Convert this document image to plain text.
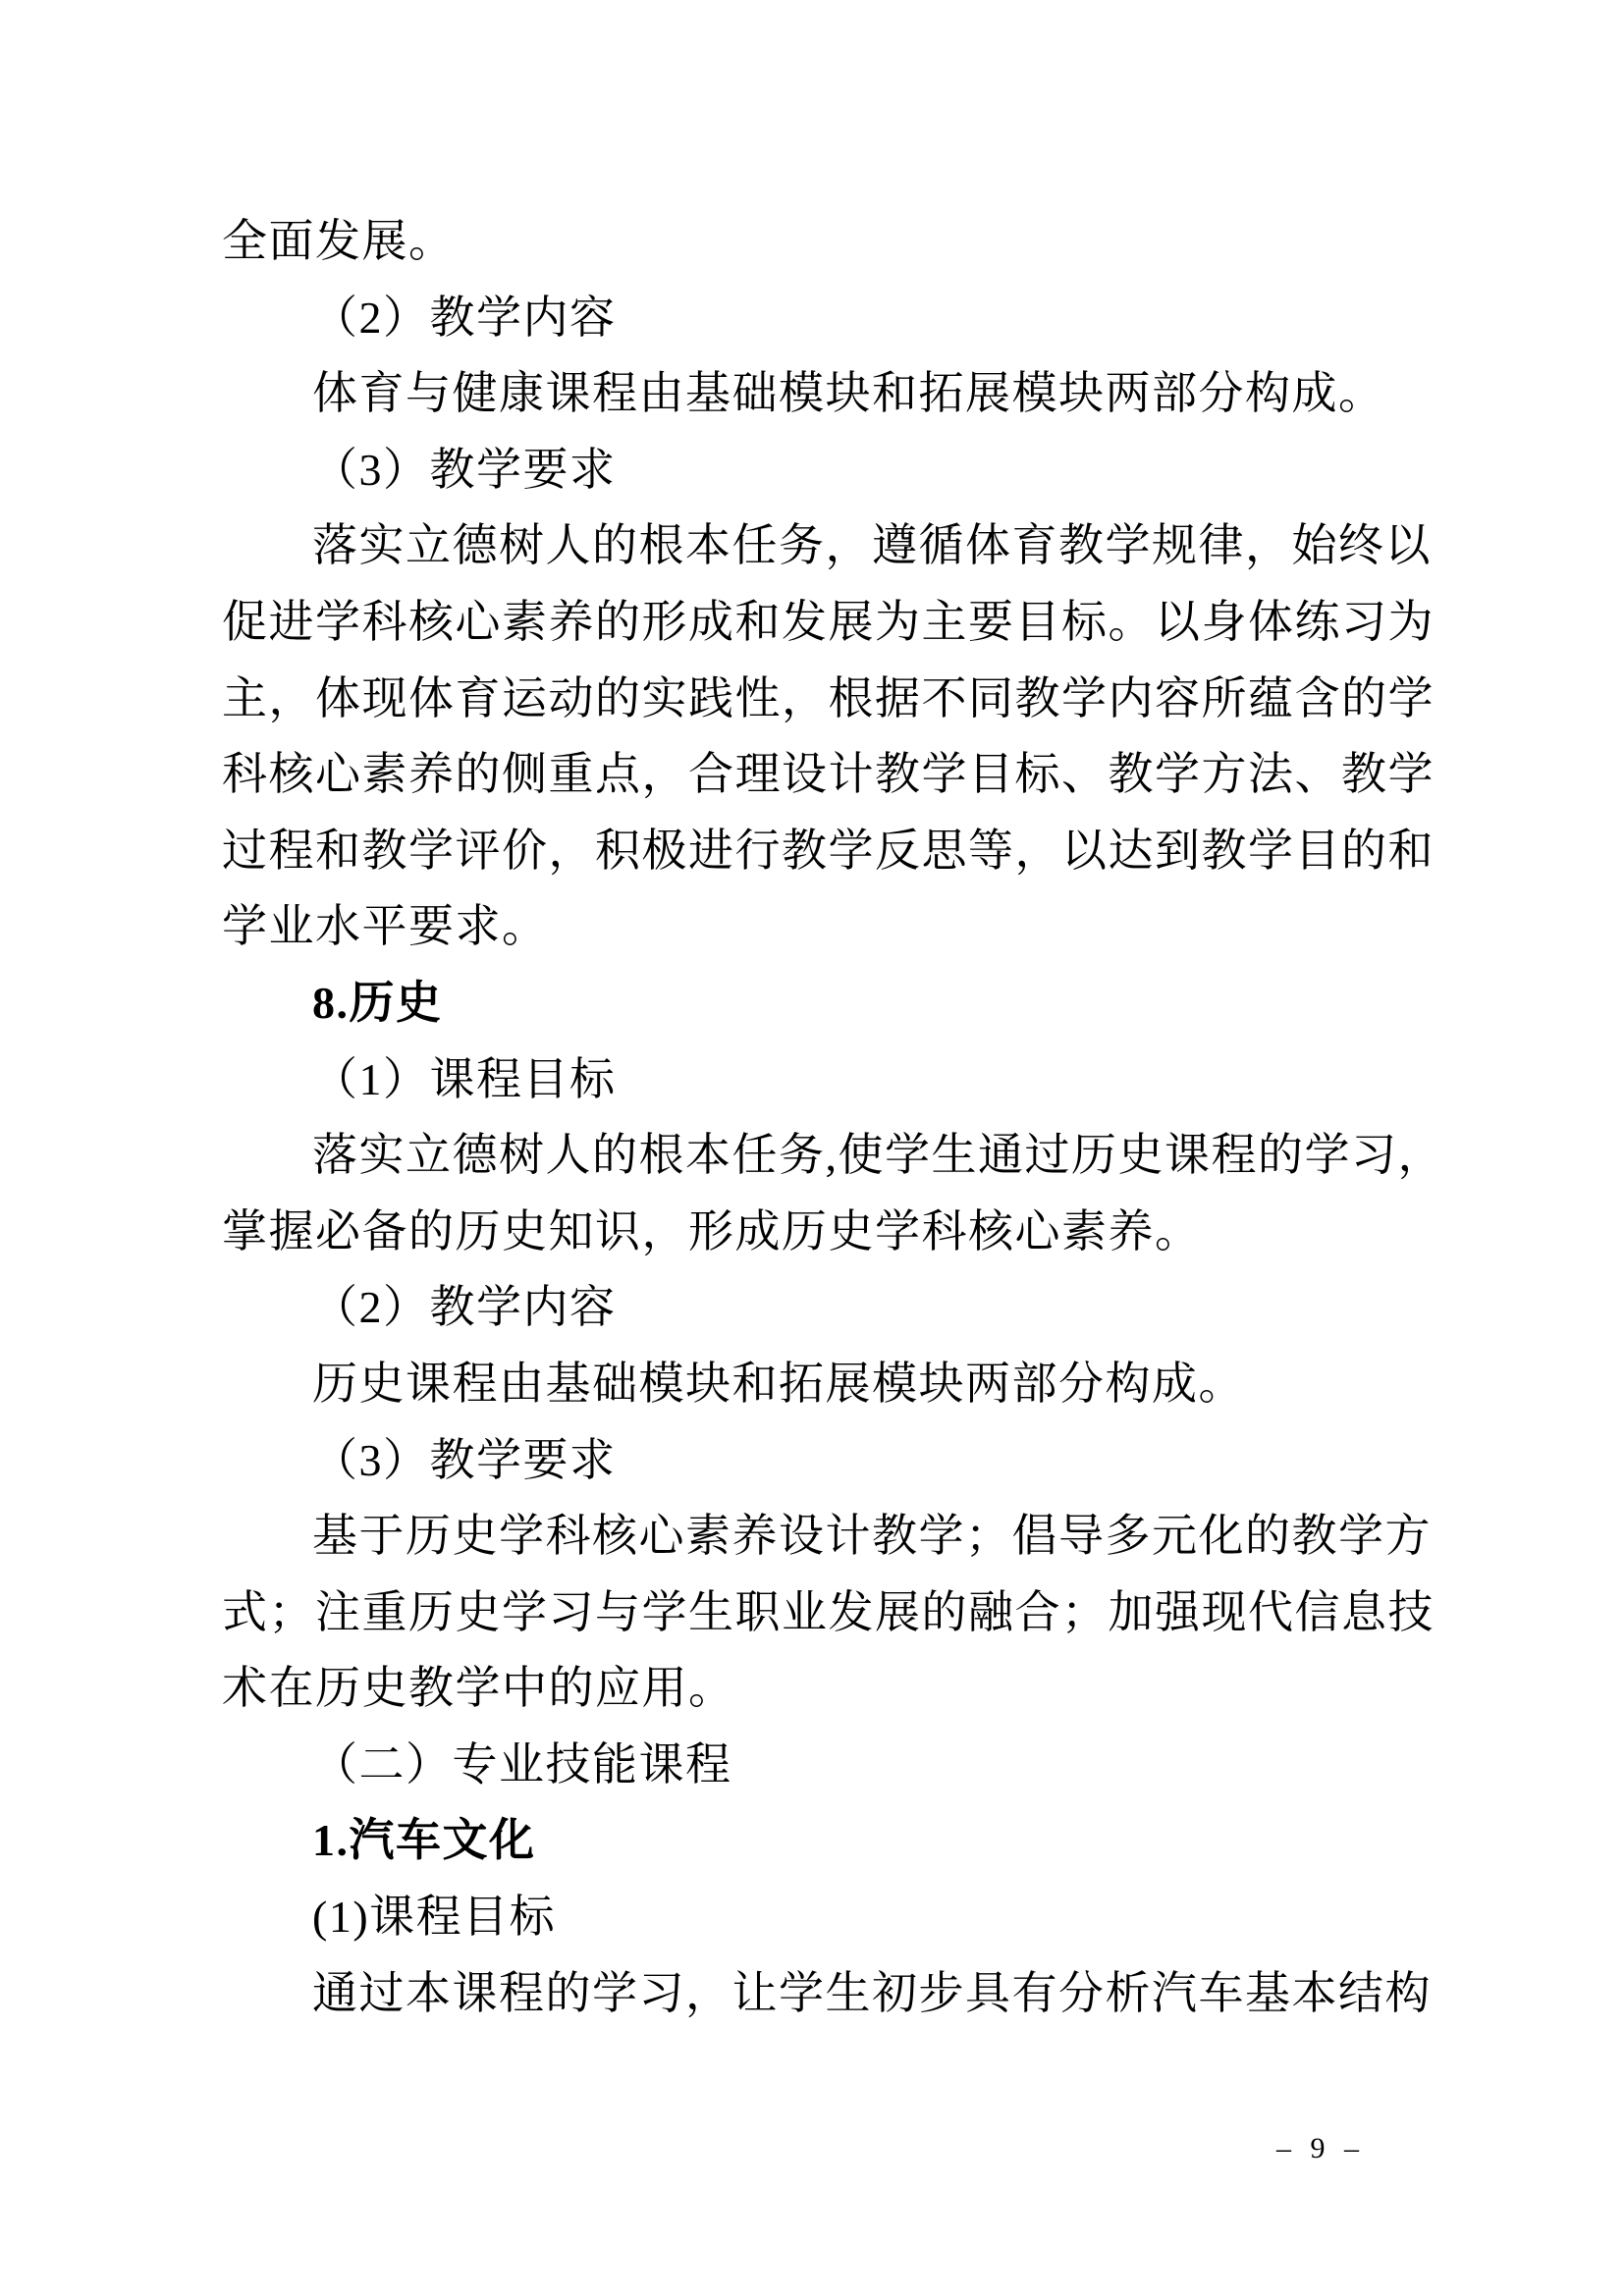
全面发展。

（2）教学内容

体育与健康课程由基础模块和拓展模块两部分构成。

（3）教学要求

落实立德树人的根本任务，遵循体育教学规律，始终以

促进学科核心素养的形成和发展为主要目标。以身体练习为

主，体现体育运动的实践性，根据不同教学内容所蕴含的学

科核心素养的侧重点，合理设计教学目标、教学方法、教学

过程和教学评价，积极进行教学反思等，以达到教学目的和

学业水平要求。

8.历史

（1）课程目标

落实立德树人的根本任务,使学生通过历史课程的学习，

掌握必备的历史知识，形成历史学科核心素养。

（2）教学内容

历史课程由基础模块和拓展模块两部分构成。

（3）教学要求

基于历史学科核心素养设计教学；倡导多元化的教学方

式；注重历史学习与学生职业发展的融合；加强现代信息技

术在历史教学中的应用。

（二）专业技能课程

1.汽车文化

(1)课程目标

通过本课程的学习，让学生初步具有分析汽车基本结构

– 9 –
